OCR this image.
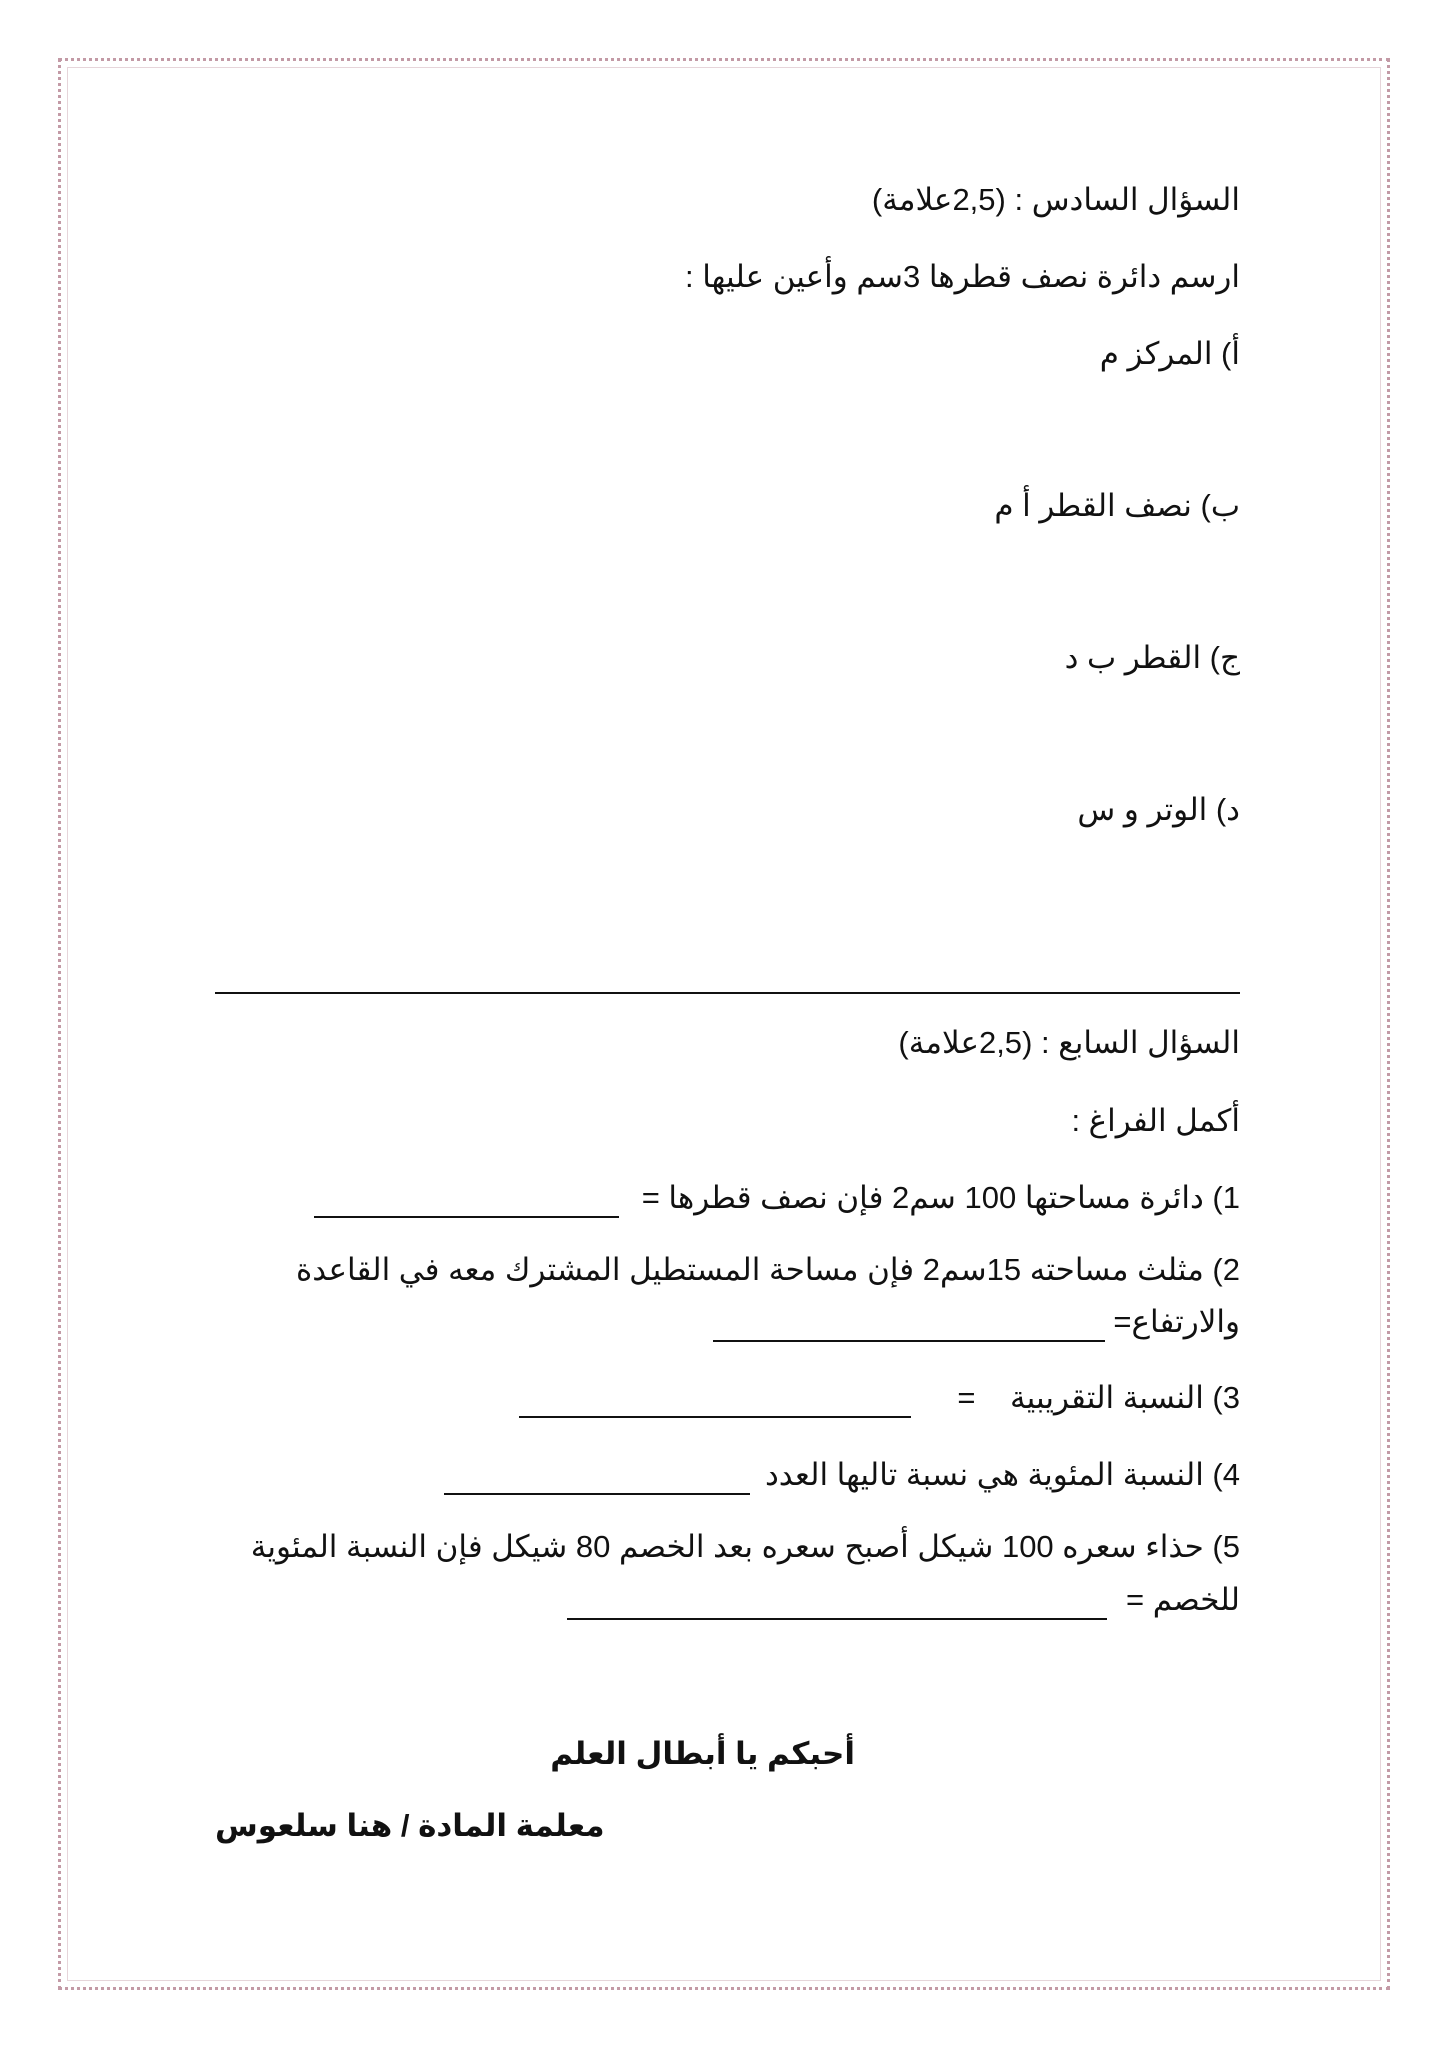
السؤال السادس : (2,5علامة)
ارسم دائرة نصف قطرها 3سم وأعين عليها :
أ) المركز م
ب) نصف القطر أ م
ج) القطر ب د
د) الوتر و س
السؤال السابع : (2,5علامة)
أكمل الفراغ :
1) دائرة مساحتها 100 سم2 فإن نصف قطرها =
2) مثلث مساحته 15سم2 فإن مساحة المستطيل المشترك معه في القاعدة
والارتفاع=
3) النسبة التقريبية =
4) النسبة المئوية هي نسبة تاليها العدد
5) حذاء سعره 100 شيكل أصبح سعره بعد الخصم 80 شيكل فإن النسبة المئوية
للخصم =
أحبكم يا أبطال العلم
معلمة المادة / هنا سلعوس
